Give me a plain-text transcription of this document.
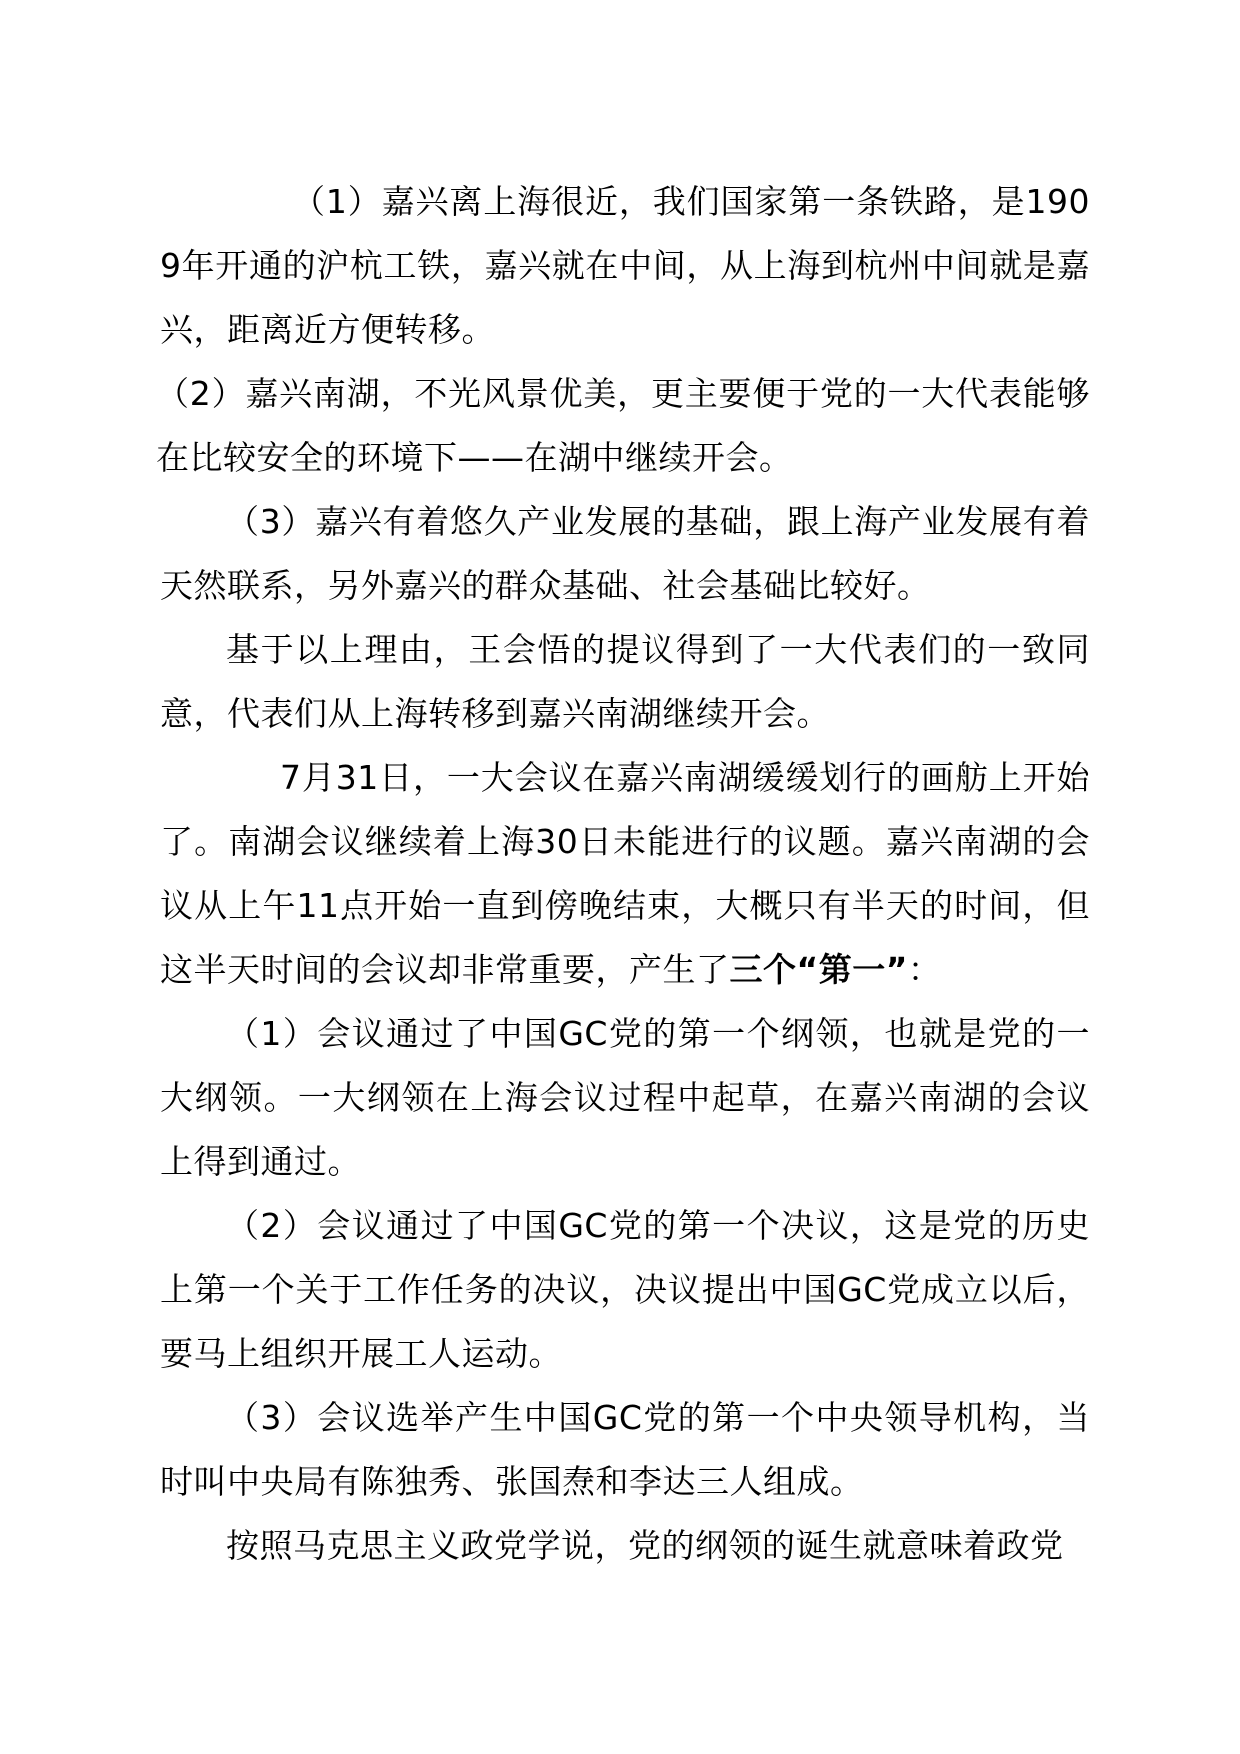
（1）嘉兴离上海很近，我们国家第一条铁路，是1909年开通的沪杭工铁，嘉兴就在中间，从上海到杭州中间就是嘉兴，距离近方便转移。

（2）嘉兴南湖，不光风景优美，更主要便于党的一大代表能够在比较安全的环境下——在湖中继续开会。

（3）嘉兴有着悠久产业发展的基础，跟上海产业发展有着天然联系，另外嘉兴的群众基础、社会基础比较好。

基于以上理由，王会悟的提议得到了一大代表们的一致同意，代表们从上海转移到嘉兴南湖继续开会。

7月31日，一大会议在嘉兴南湖缓缓划行的画舫上开始了。南湖会议继续着上海30日未能进行的议题。嘉兴南湖的会议从上午11点开始一直到傍晚结束，大概只有半天的时间，但这半天时间的会议却非常重要，产生了三个“第一”：

（1）会议通过了中国GC党的第一个纲领，也就是党的一大纲领。一大纲领在上海会议过程中起草，在嘉兴南湖的会议上得到通过。

（2）会议通过了中国GC党的第一个决议，这是党的历史上第一个关于工作任务的决议，决议提出中国GC党成立以后，要马上组织开展工人运动。

（3）会议选举产生中国GC党的第一个中央领导机构，当时叫中央局有陈独秀、张国焘和李达三人组成。

按照马克思主义政党学说，党的纲领的诞生就意味着政党
